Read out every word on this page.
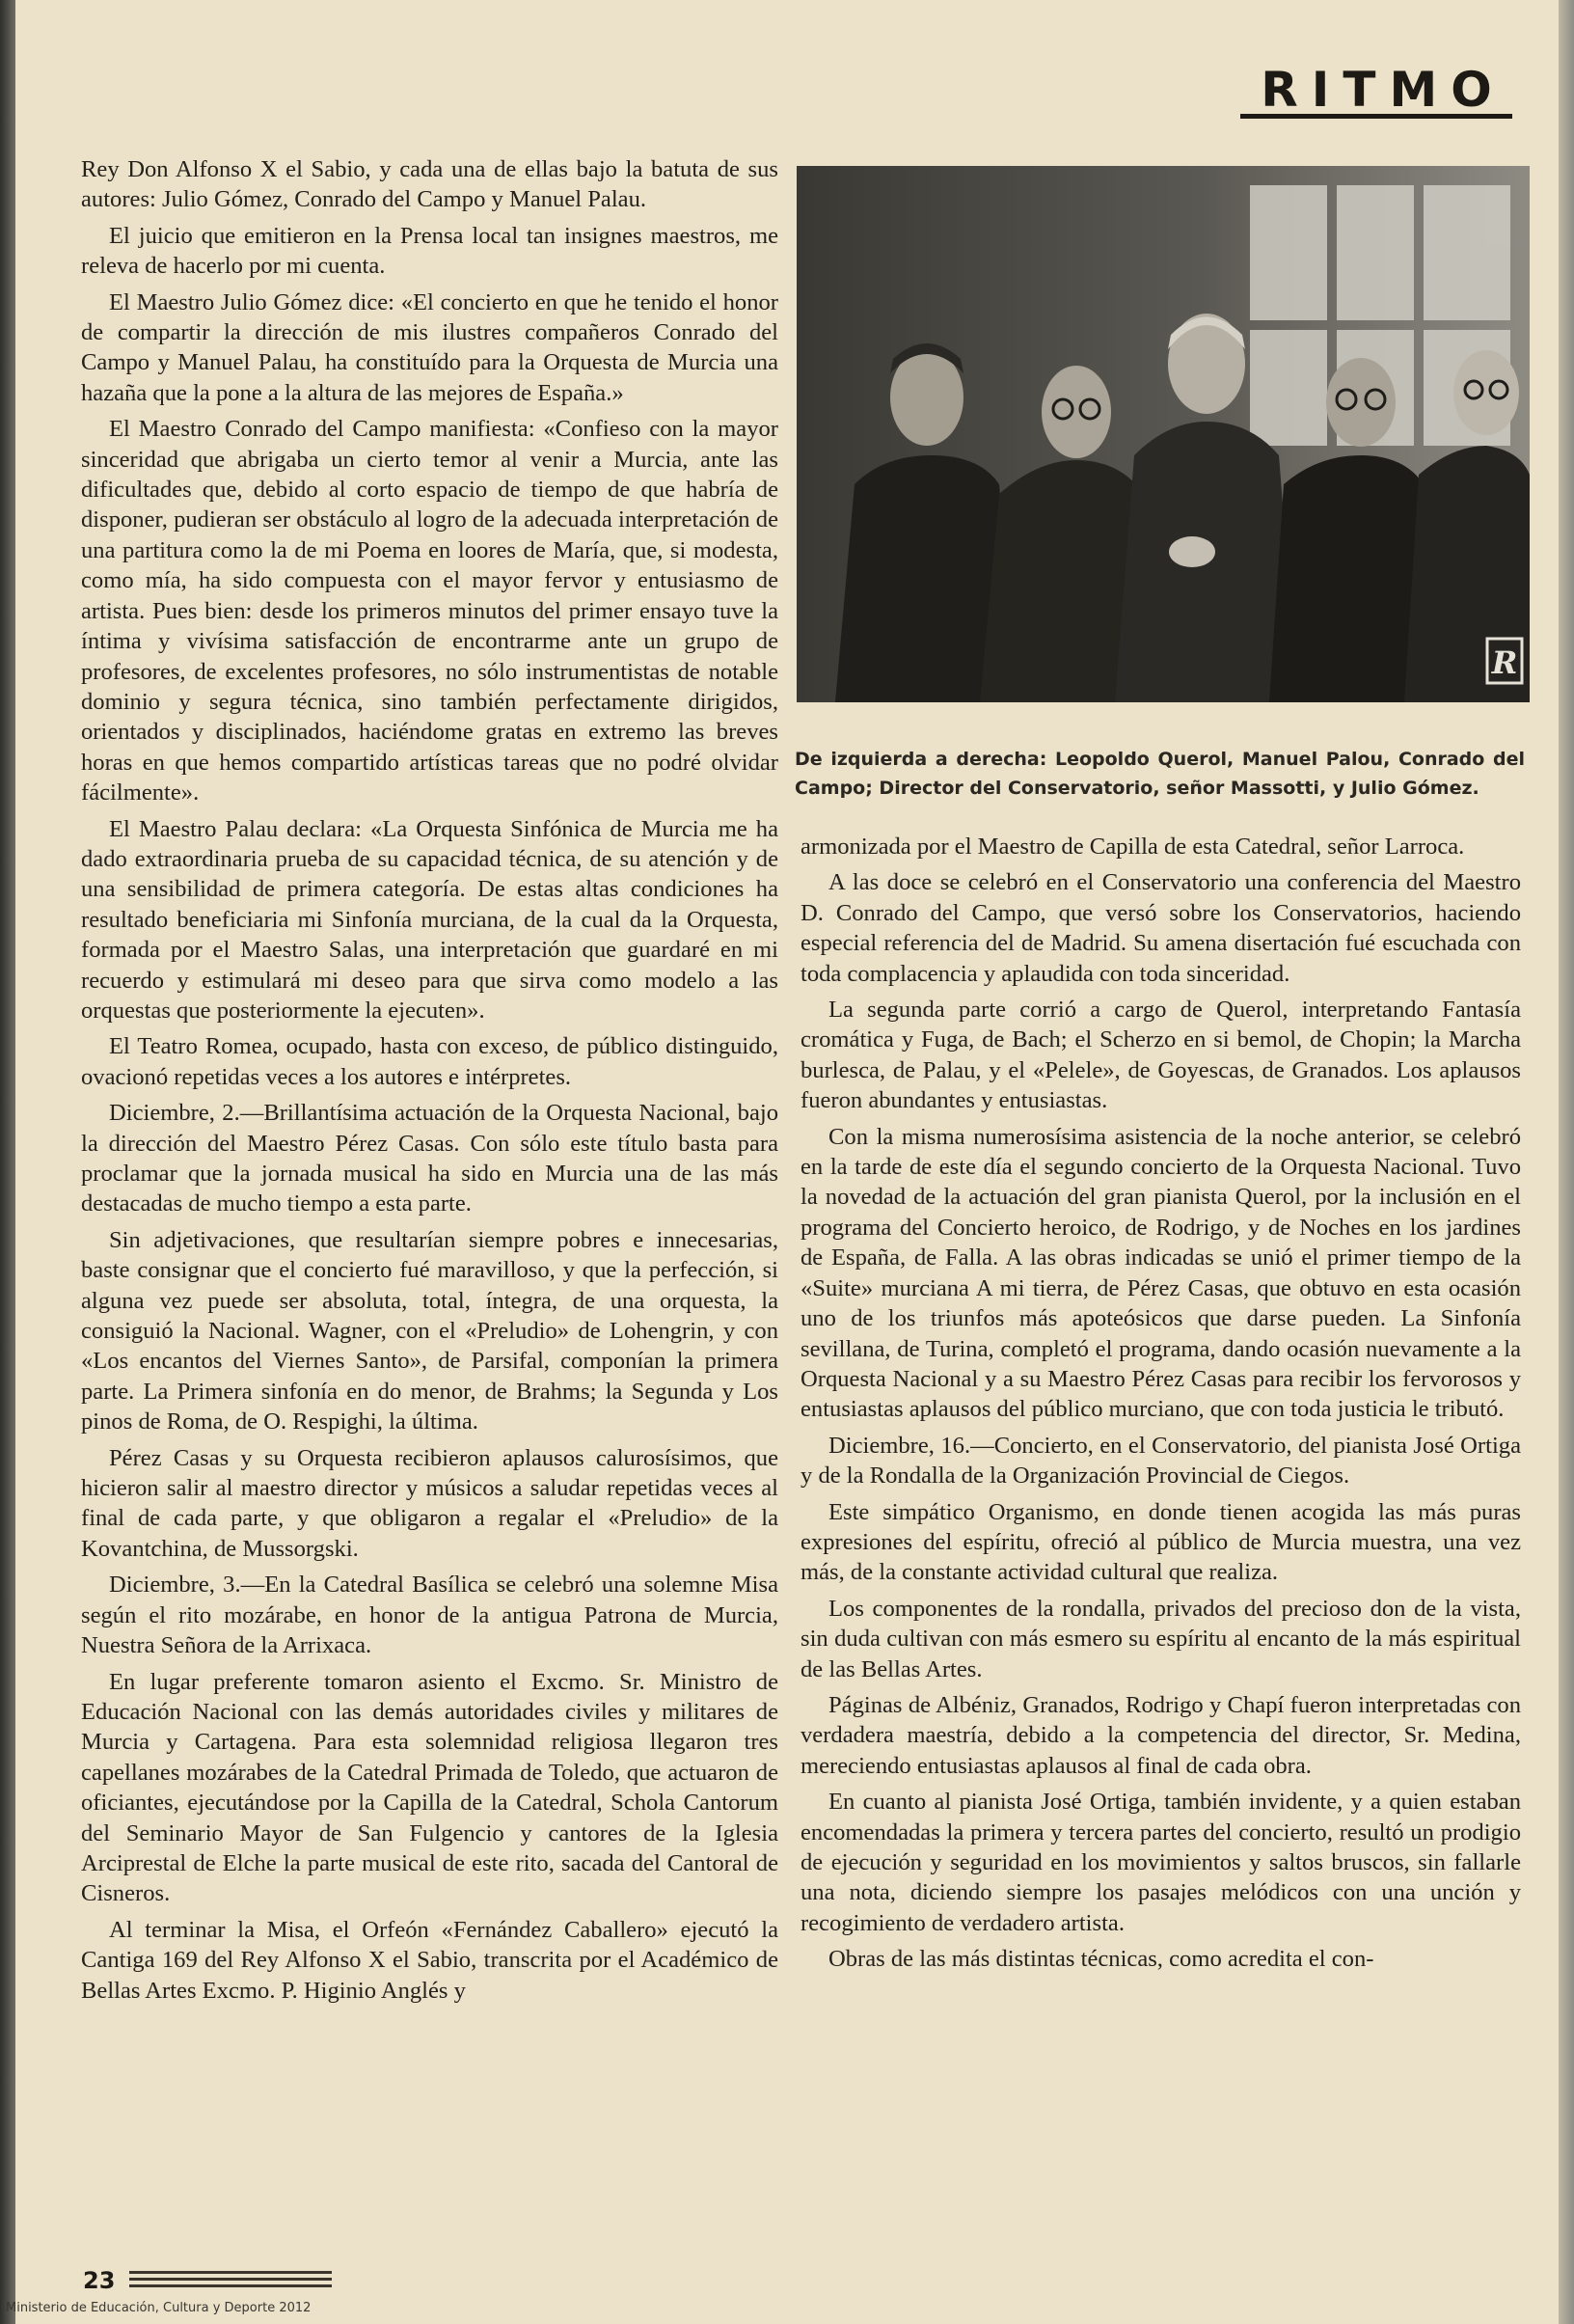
RITMO
R
De izquierda a derecha: Leopoldo Querol, Manuel Palou, Conrado del Campo; Director del Conservatorio, señor Massotti, y Julio Gómez.

Rey Don Alfonso X el Sabio, y cada una de ellas bajo la batuta de sus autores: Julio Gómez, Conrado del Campo y Manuel Palau.

El juicio que emitieron en la Prensa local tan insignes maestros, me releva de hacerlo por mi cuenta.

El Maestro Julio Gómez dice: «El concierto en que he tenido el honor de compartir la dirección de mis ilustres compañeros Conrado del Campo y Manuel Palau, ha constituído para la Orquesta de Murcia una hazaña que la pone a la altura de las mejores de España.»

El Maestro Conrado del Campo manifiesta: «Confieso con la mayor sinceridad que abrigaba un cierto temor al venir a Murcia, ante las dificultades que, debido al corto espacio de tiempo de que habría de disponer, pudieran ser obstáculo al logro de la adecuada interpretación de una partitura como la de mi Poema en loores de María, que, si modesta, como mía, ha sido compuesta con el mayor fervor y entusiasmo de artista. Pues bien: desde los primeros minutos del primer ensayo tuve la íntima y vivísima satisfacción de encontrarme ante un grupo de profesores, de excelentes profesores, no sólo instrumentistas de notable dominio y segura técnica, sino también perfectamente dirigidos, orientados y disciplinados, haciéndome gratas en extremo las breves horas en que hemos compartido artísticas tareas que no podré olvidar fácilmente».

El Maestro Palau declara: «La Orquesta Sinfónica de Murcia me ha dado extraordinaria prueba de su capacidad técnica, de su atención y de una sensibilidad de primera categoría. De estas altas condiciones ha resultado beneficiaria mi Sinfonía murciana, de la cual da la Orquesta, formada por el Maestro Salas, una interpretación que guardaré en mi recuerdo y estimulará mi deseo para que sirva como modelo a las orquestas que posteriormente la ejecuten».

El Teatro Romea, ocupado, hasta con exceso, de público distinguido, ovacionó repetidas veces a los autores e intérpretes.

Diciembre, 2.—Brillantísima actuación de la Orquesta Nacional, bajo la dirección del Maestro Pérez Casas. Con sólo este título basta para proclamar que la jornada musical ha sido en Murcia una de las más destacadas de mucho tiempo a esta parte.

Sin adjetivaciones, que resultarían siempre pobres e innecesarias, baste consignar que el concierto fué maravilloso, y que la perfección, si alguna vez puede ser absoluta, total, íntegra, de una orquesta, la consiguió la Nacional. Wagner, con el «Preludio» de Lohengrin, y con «Los encantos del Viernes Santo», de Parsifal, componían la primera parte. La Primera sinfonía en do menor, de Brahms; la Segunda y Los pinos de Roma, de O. Respighi, la última.

Pérez Casas y su Orquesta recibieron aplausos calurosísimos, que hicieron salir al maestro director y músicos a saludar repetidas veces al final de cada parte, y que obligaron a regalar el «Preludio» de la Kovantchina, de Mussorgski.

Diciembre, 3.—En la Catedral Basílica se celebró una solemne Misa según el rito mozárabe, en honor de la antigua Patrona de Murcia, Nuestra Señora de la Arrixaca.

En lugar preferente tomaron asiento el Excmo. Sr. Ministro de Educación Nacional con las demás autoridades civiles y militares de Murcia y Cartagena. Para esta solemnidad religiosa llegaron tres capellanes mozárabes de la Catedral Primada de Toledo, que actuaron de oficiantes, ejecutándose por la Capilla de la Catedral, Schola Cantorum del Seminario Mayor de San Fulgencio y cantores de la Iglesia Arciprestal de Elche la parte musical de este rito, sacada del Cantoral de Cisneros.

Al terminar la Misa, el Orfeón «Fernández Caballero» ejecutó la Cantiga 169 del Rey Alfonso X el Sabio, transcrita por el Académico de Bellas Artes Excmo. P. Higinio Anglés y

armonizada por el Maestro de Capilla de esta Catedral, señor Larroca.

A las doce se celebró en el Conservatorio una conferencia del Maestro D. Conrado del Campo, que versó sobre los Conservatorios, haciendo especial referencia del de Madrid. Su amena disertación fué escuchada con toda complacencia y aplaudida con toda sinceridad.

La segunda parte corrió a cargo de Querol, interpretando Fantasía cromática y Fuga, de Bach; el Scherzo en si bemol, de Chopin; la Marcha burlesca, de Palau, y el «Pelele», de Goyescas, de Granados. Los aplausos fueron abundantes y entusiastas.

Con la misma numerosísima asistencia de la noche anterior, se celebró en la tarde de este día el segundo concierto de la Orquesta Nacional. Tuvo la novedad de la actuación del gran pianista Querol, por la inclusión en el programa del Concierto heroico, de Rodrigo, y de Noches en los jardines de España, de Falla. A las obras indicadas se unió el primer tiempo de la «Suite» murciana A mi tierra, de Pérez Casas, que obtuvo en esta ocasión uno de los triunfos más apoteósicos que darse pueden. La Sinfonía sevillana, de Turina, completó el programa, dando ocasión nuevamente a la Orquesta Nacional y a su Maestro Pérez Casas para recibir los fervorosos y entusiastas aplausos del público murciano, que con toda justicia le tributó.

Diciembre, 16.—Concierto, en el Conservatorio, del pianista José Ortiga y de la Rondalla de la Organización Provincial de Ciegos.

Este simpático Organismo, en donde tienen acogida las más puras expresiones del espíritu, ofreció al público de Murcia muestra, una vez más, de la constante actividad cultural que realiza.

Los componentes de la rondalla, privados del precioso don de la vista, sin duda cultivan con más esmero su espíritu al encanto de la más espiritual de las Bellas Artes.

Páginas de Albéniz, Granados, Rodrigo y Chapí fueron interpretadas con verdadera maestría, debido a la competencia del director, Sr. Medina, mereciendo entusiastas aplausos al final de cada obra.

En cuanto al pianista José Ortiga, también invidente, y a quien estaban encomendadas la primera y tercera partes del concierto, resultó un prodigio de ejecución y seguridad en los movimientos y saltos bruscos, sin fallarle una nota, diciendo siempre los pasajes melódicos con una unción y recogimiento de verdadero artista.

Obras de las más distintas técnicas, como acredita el con-

23
Ministerio de Educación, Cultura y Deporte 2012
